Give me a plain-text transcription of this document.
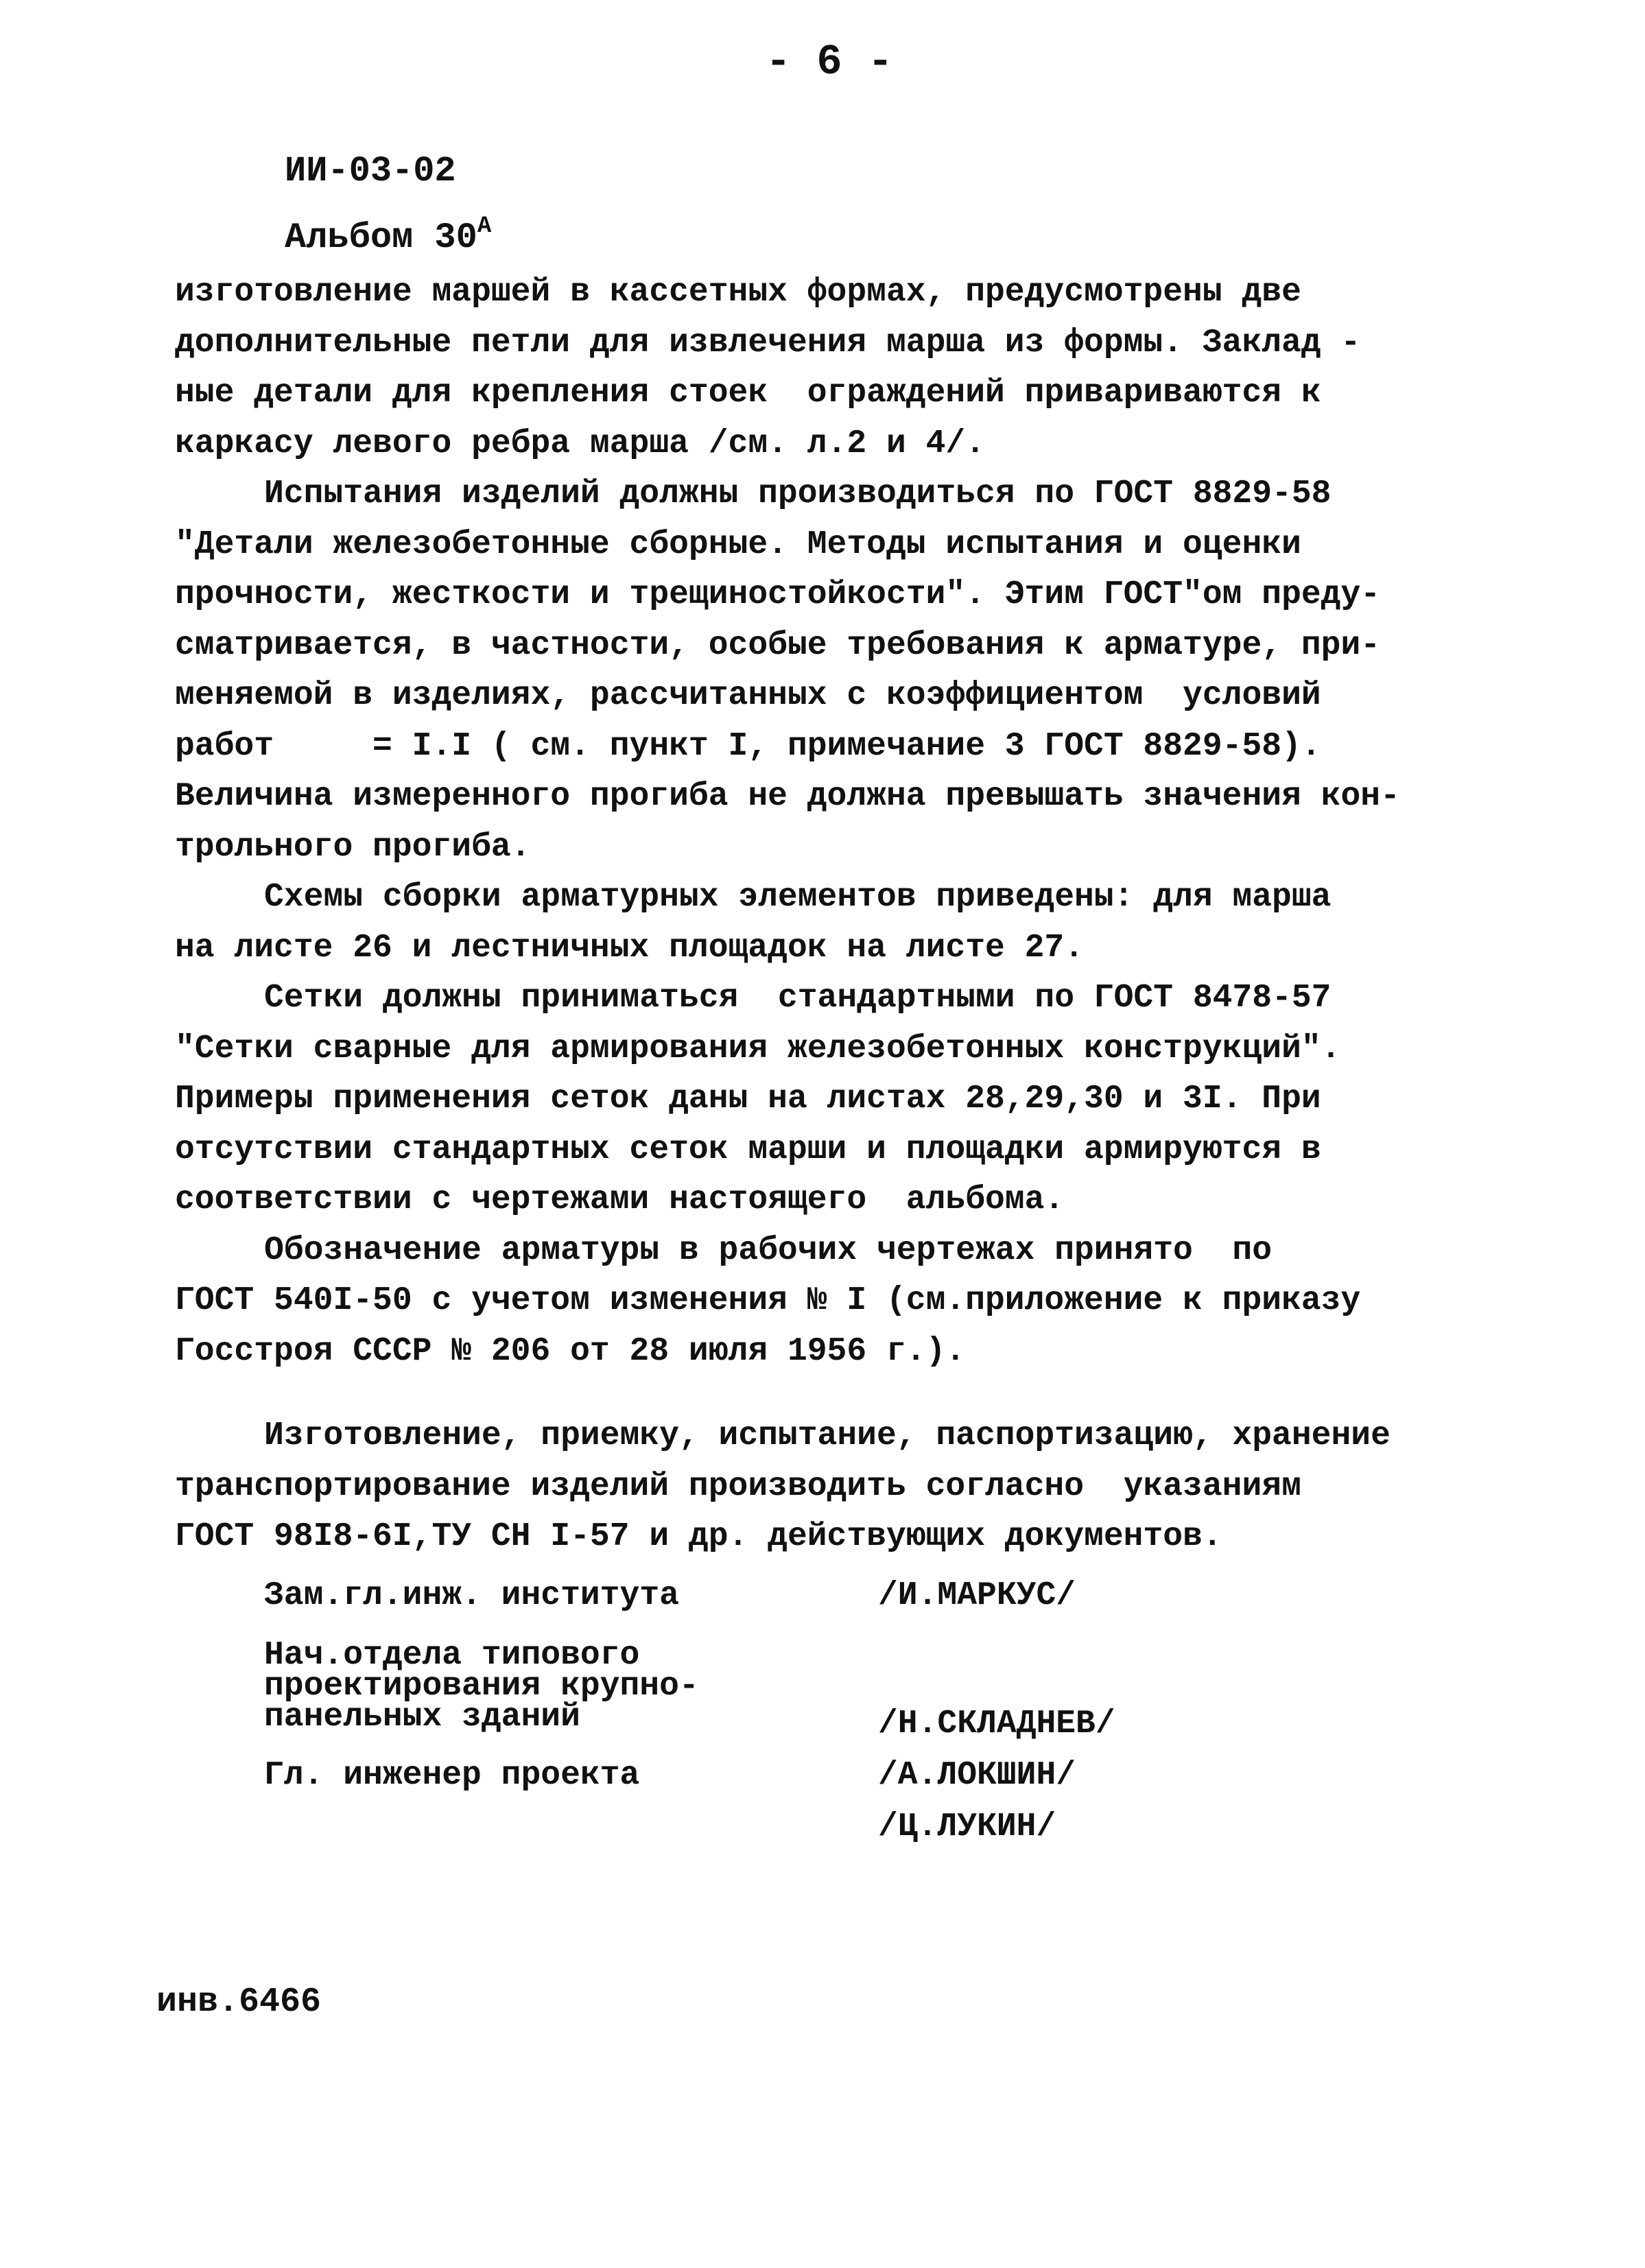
- 6 -
ИИ-03-02
Альбом $30^А$
изготовление маршей в кассетных формах, предусмотрены две
дополнительные петли для извлечения марша из формы. Заклад -
ные детали для крепления стоек  ограждений привариваются к
каркасу левого ребра марша /см. л.2 и 4/.
Испытания изделий должны производиться по ГОСТ 8829-58
"Детали железобетонные сборные. Методы испытания и оценки
прочности, жесткости и трещиностойкости". Этим ГОСТ"ом преду-
сматривается, в частности, особые требования к арматуре, при-
меняемой в изделиях, рассчитанных с коэффициентом  условий
работ     = I.I ( см. пункт I, примечание 3 ГОСТ 8829-58).
Величина измеренного прогиба не должна превышать значения кон-
трольного прогиба.
Схемы сборки арматурных элементов приведены: для марша
на листе 26 и лестничных площадок на листе 27.
Сетки должны приниматься  стандартными по ГОСТ 8478-57
"Сетки сварные для армирования железобетонных конструкций".
Примеры применения сеток даны на листах 28,29,30 и 3I. При
отсутствии стандартных сеток марши и площадки армируются в
соответствии с чертежами настоящего  альбома.
Обозначение арматуры в рабочих чертежах принято  по
ГОСТ 540I-50 с учетом изменения № I (см.приложение к приказу
Госстроя СССР № 206 от 28 июля 1956 г.).
Изготовление, приемку, испытание, паспортизацию, хранение
транспортирование изделий производить согласно  указаниям
ГОСТ 98I8-6I,ТУ СН I-57 и др. действующих документов.
Зам.гл.инж. института	/И.МАРКУС/
Нач.отдела типового
проектирования крупно-
панельных зданий	/Н.СКЛАДНЕВ/
Гл. инженер проекта	/А.ЛОКШИН/
/Ц.ЛУКИН/
инв.6466
